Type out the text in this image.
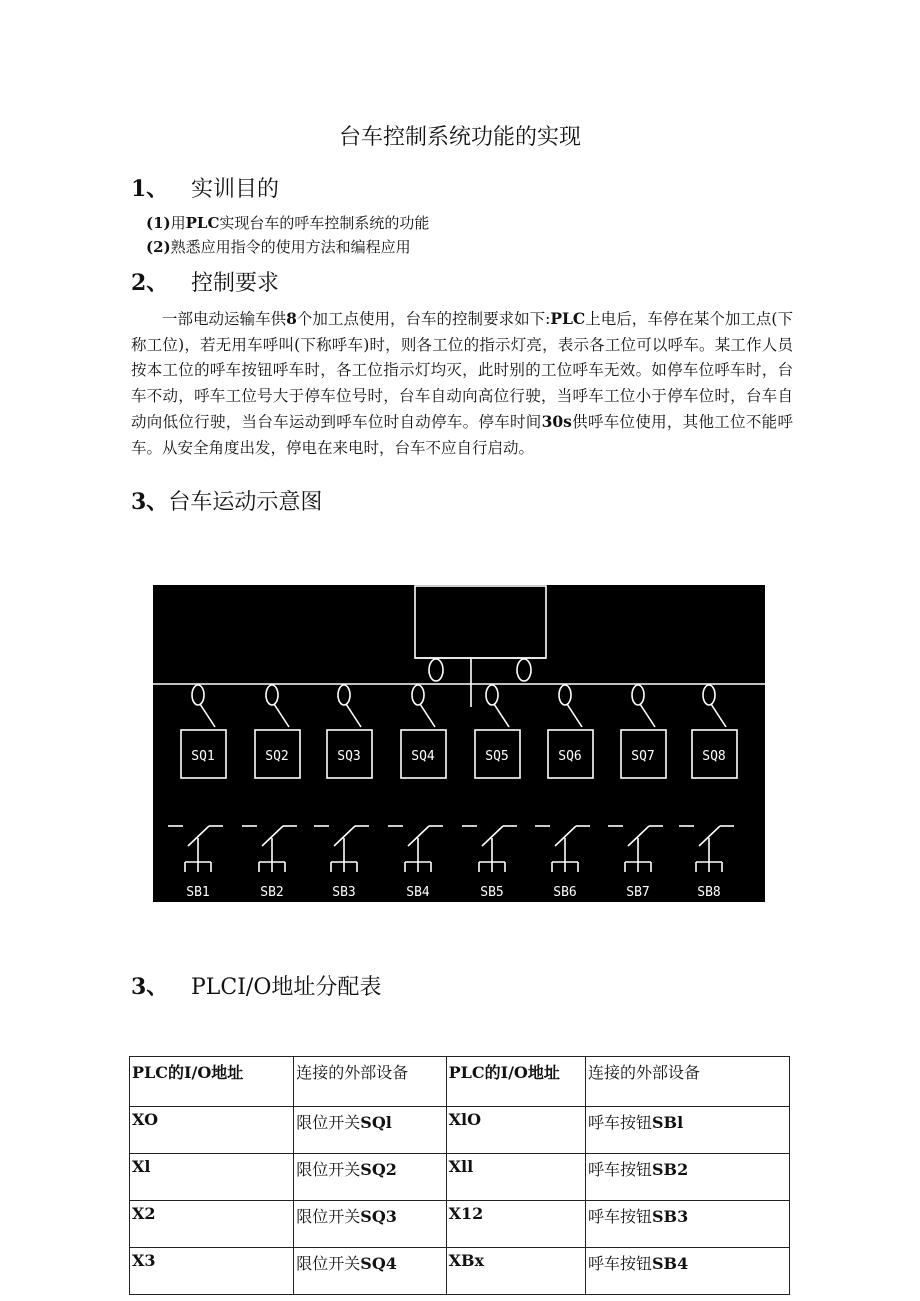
台车控制系统功能的实现
1、 实训目的
(1)用PLC实现台车的呼车控制系统的功能
(2)熟悉应用指令的使用方法和编程应用
2、 控制要求
一部电动运输车供8个加工点使用，台车的控制要求如下:PLC上电后，车停在某个加工点(下称工位)，若无用车呼叫(下称呼车)时，则各工位的指示灯亮，表示各工位可以呼车。某工作人员按本工位的呼车按钮呼车时，各工位指示灯均灭，此时别的工位呼车无效。如停车位呼车时，台车不动，呼车工位号大于停车位号时，台车自动向高位行驶，当呼车工位小于停车位时，台车自动向低位行驶，当台车运动到呼车位时自动停车。停车时间30s供呼车位使用，其他工位不能呼车。从安全角度出发，停电在来电时，台车不应自行启动。
3、台车运动示意图
SQ1
SB1
SQ2
SB2
SQ3
SB3
SQ4
SB4
SQ5
SB5
SQ6
SB6
SQ7
SB7
SQ8
SB8
3、 PLCI/O地址分配表
PLC的I/O地址	连接的外部设备	PLC的I/O地址	连接的外部设备
XO	限位开关SQl	XlO	呼车按钮SBl
Xl	限位开关SQ2	Xll	呼车按钮SB2
X2	限位开关SQ3	X12	呼车按钮SB3
X3	限位开关SQ4	XBx	呼车按钮SB4
